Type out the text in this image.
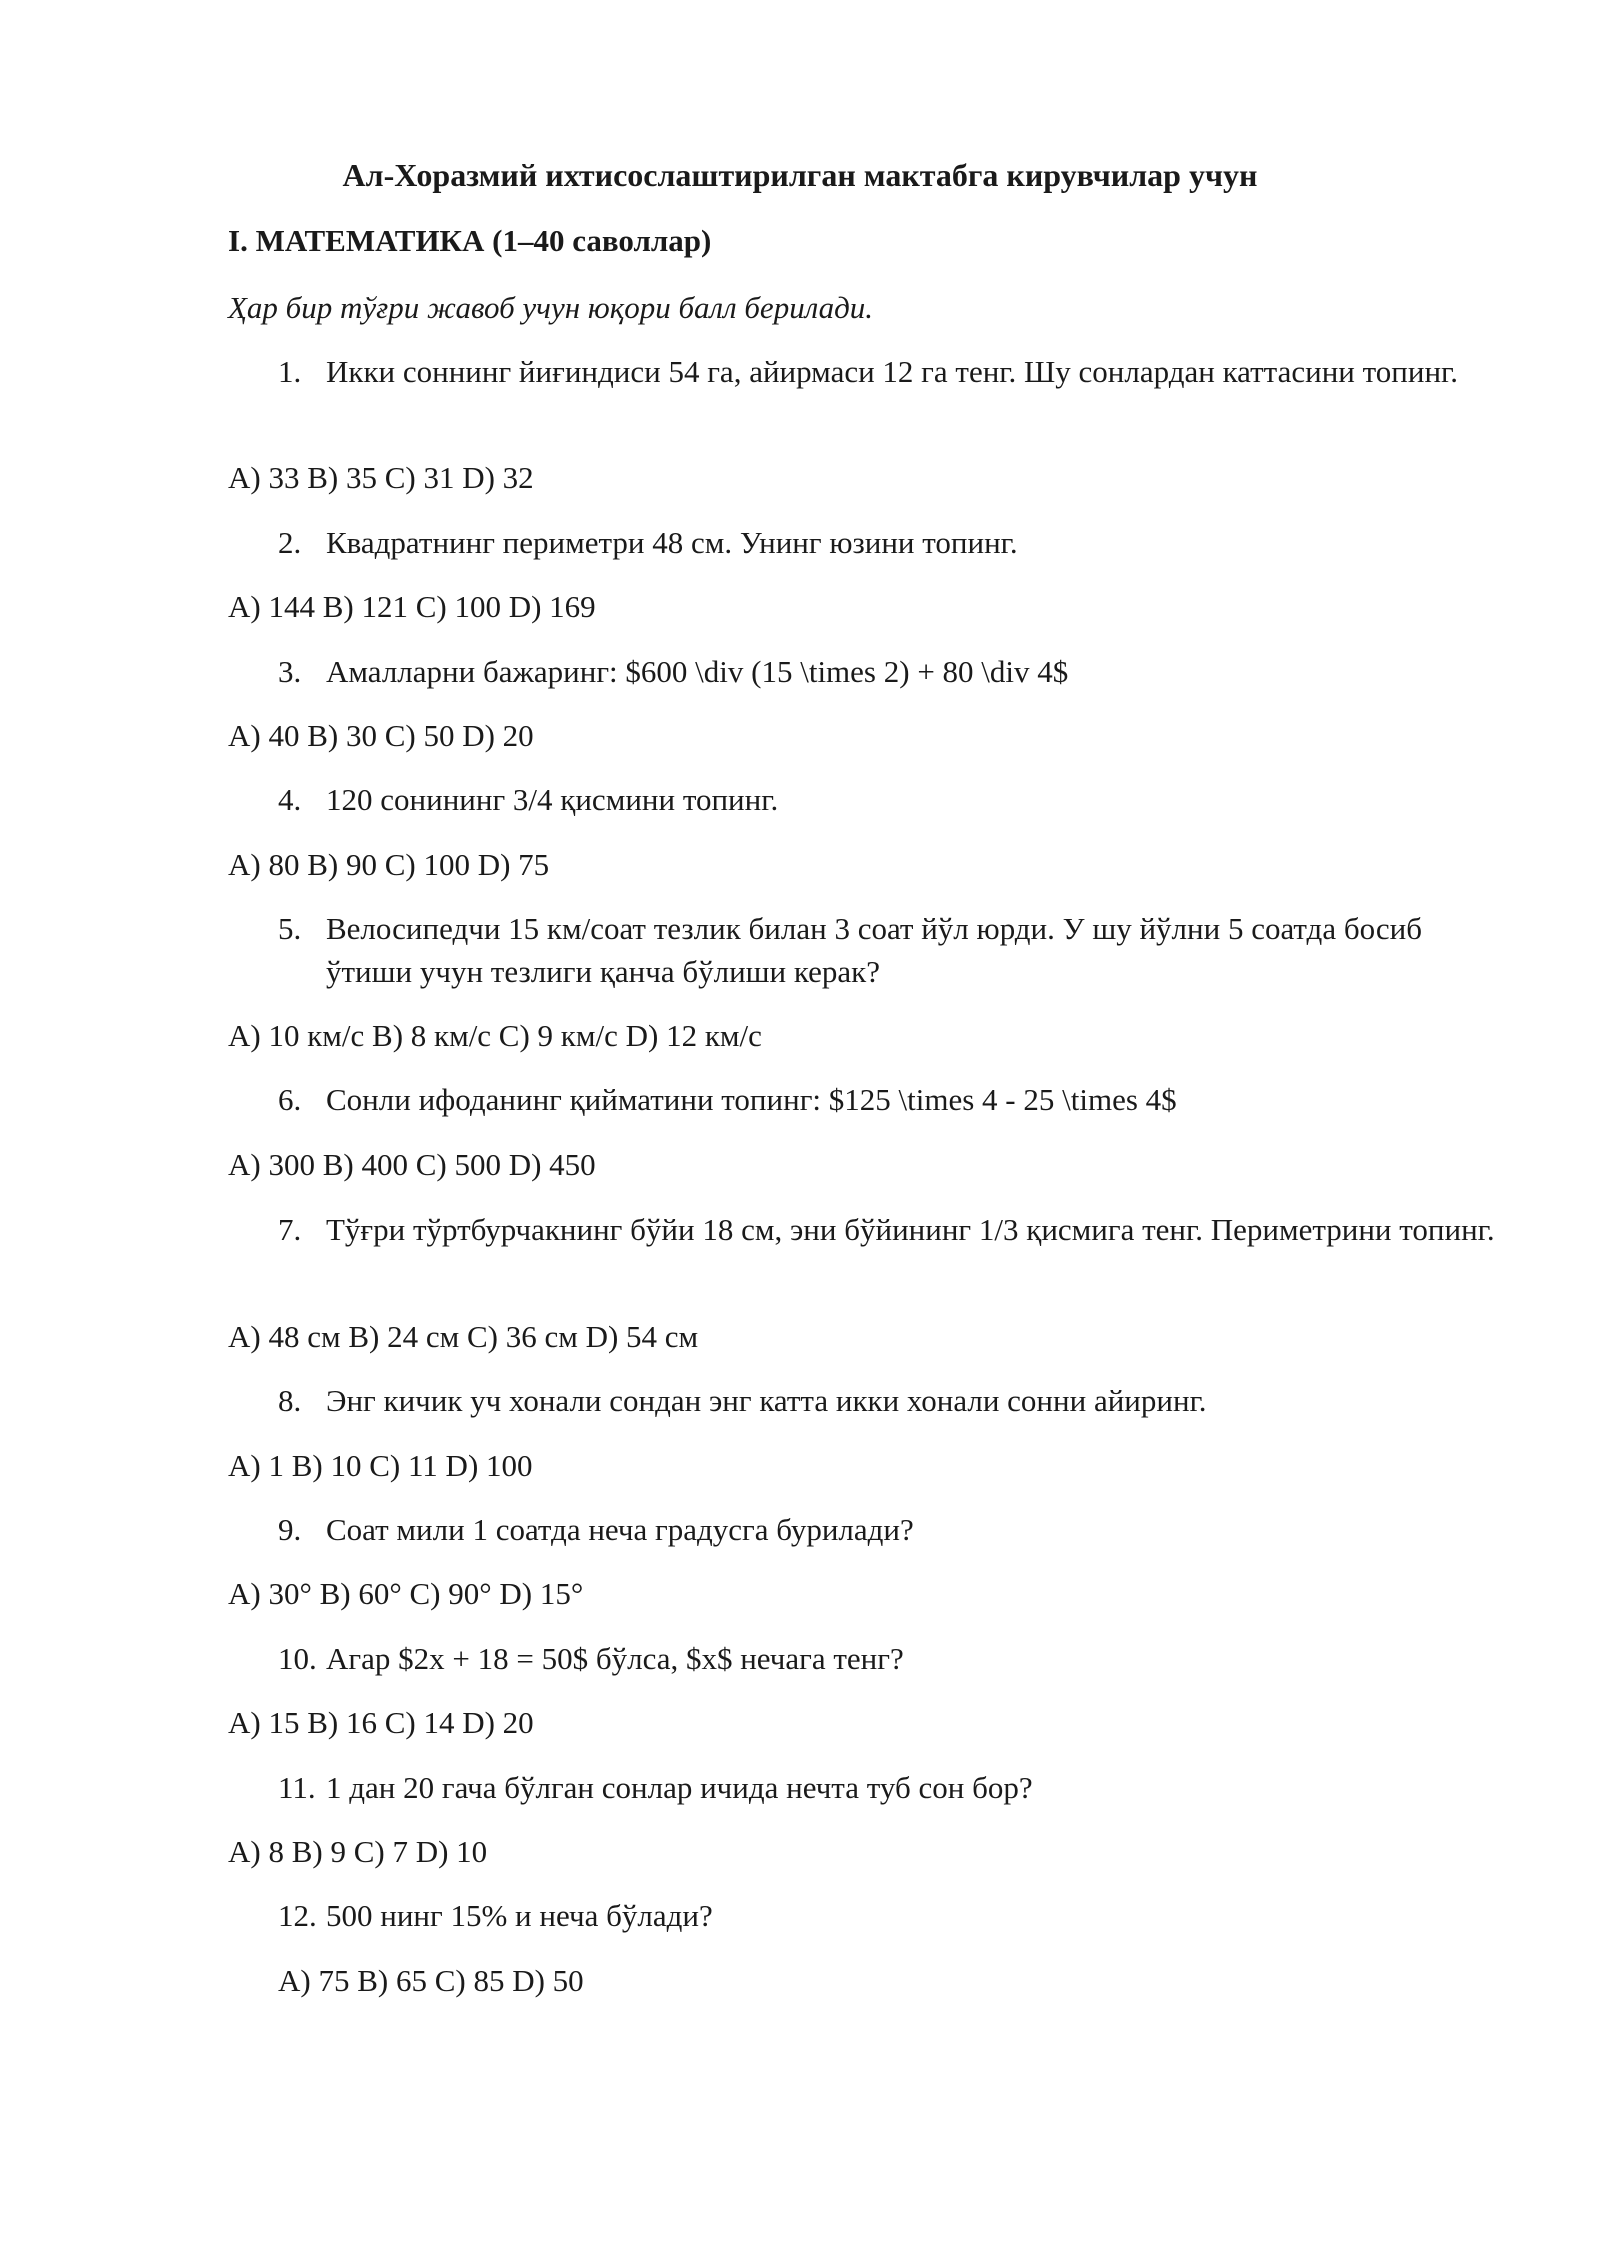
Ал-Хоразмий ихтисослаштирилган мактабга кирувчилар учун
I. МАТЕМАТИКА (1–40 саволлар)
Ҳар бир тўғри жавоб учун юқори балл берилади.
1. Икки соннинг йиғиндиси 54 га, айирмаси 12 га тенг. Шу сонлардан каттасини топинг.
A) 33 B) 35 C) 31 D) 32
2. Квадратнинг периметри 48 см. Унинг юзини топинг.
A) 144 B) 121 C) 100 D) 169
3. Амалларни бажаринг: $600 \div (15 \times 2) + 80 \div 4$
A) 40 B) 30 C) 50 D) 20
4. 120 сонининг 3/4 қисмини топинг.
A) 80 B) 90 C) 100 D) 75
5. Велосипедчи 15 км/соат тезлик билан 3 соат йўл юрди. У шу йўлни 5 соатда босиб ўтиши учун тезлиги қанча бўлиши керак?
A) 10 км/с B) 8 км/с C) 9 км/с D) 12 км/с
6. Сонли ифоданинг қийматини топинг: $125 \times 4 - 25 \times 4$
A) 300 B) 400 C) 500 D) 450
7. Тўғри тўртбурчакнинг бўйи 18 см, эни бўйининг 1/3 қисмига тенг. Периметрини топинг.
A) 48 см B) 24 см C) 36 см D) 54 см
8. Энг кичик уч хонали сондан энг катта икки хонали сонни айиринг.
A) 1 B) 10 C) 11 D) 100
9. Соат мили 1 соатда неча градусга бурилади?
A) 30° B) 60° C) 90° D) 15°
10. Агар $2x + 18 = 50$ бўлса, $x$ нечага тенг?
A) 15 B) 16 C) 14 D) 20
11. 1 дан 20 гача бўлган сонлар ичида нечта туб сон бор?
A) 8 B) 9 C) 7 D) 10
12. 500 нинг 15% и неча бўлади?
A) 75 B) 65 C) 85 D) 50
